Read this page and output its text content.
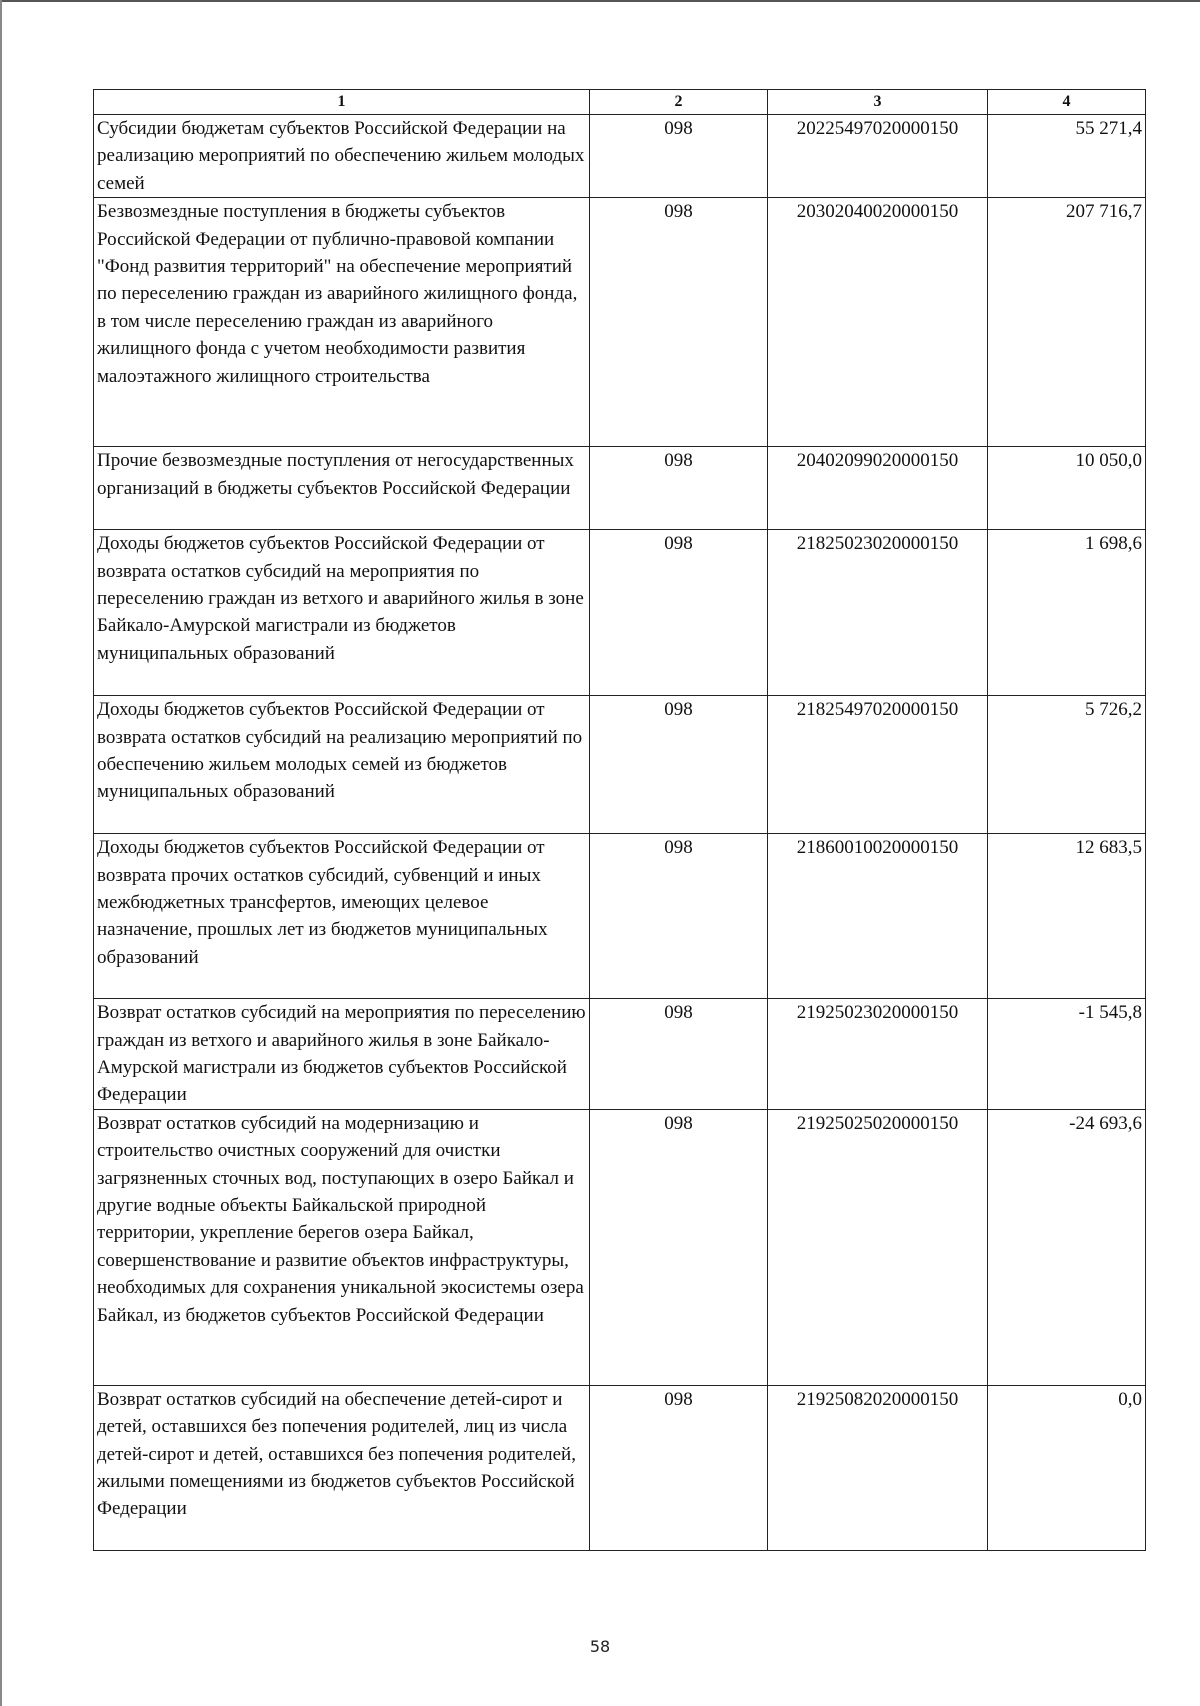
1	2	3	4
Субсидии бюджетам субъектов Российской Федерации на реализацию мероприятий по обеспечению жильем молодых семей	098	20225497020000150	55 271,4
Безвозмездные поступления в бюджеты субъектов Российской Федерации от публично-правовой компании "Фонд развития территорий" на обеспечение мероприятий по переселению граждан из аварийного жилищного фонда, в том числе переселению граждан из аварийного жилищного фонда с учетом необходимости развития малоэтажного жилищного строительства	098	20302040020000150	207 716,7
Прочие безвозмездные поступления от негосударственных организаций в бюджеты субъектов Российской Федерации	098	20402099020000150	10 050,0
Доходы бюджетов субъектов Российской Федерации от возврата остатков субсидий на мероприятия по переселению граждан из ветхого и аварийного жилья в зоне Байкало-Амурской магистрали из бюджетов муниципальных образований	098	21825023020000150	1 698,6
Доходы бюджетов субъектов Российской Федерации от возврата остатков субсидий на реализацию мероприятий по обеспечению жильем молодых семей из бюджетов муниципальных образований	098	21825497020000150	5 726,2
Доходы бюджетов субъектов Российской Федерации от возврата прочих остатков субсидий, субвенций и иных межбюджетных трансфертов, имеющих целевое назначение, прошлых лет из бюджетов муниципальных образований	098	21860010020000150	12 683,5
Возврат остатков субсидий на мероприятия по переселению граждан из ветхого и аварийного жилья в зоне Байкало-Амурской магистрали из бюджетов субъектов Российской Федерации	098	21925023020000150	-1 545,8
Возврат остатков субсидий на модернизацию и строительство очистных сооружений для очистки загрязненных сточных вод, поступающих в озеро Байкал и другие водные объекты Байкальской природной территории, укрепление берегов озера Байкал, совершенствование и развитие объектов инфраструктуры, необходимых для сохранения уникальной экосистемы озера Байкал, из бюджетов субъектов Российской Федерации	098	21925025020000150	-24 693,6
Возврат остатков субсидий на обеспечение детей-сирот и детей, оставшихся без попечения родителей, лиц из числа детей-сирот и детей, оставшихся без попечения родителей, жилыми помещениями из бюджетов субъектов Российской Федерации	098	21925082020000150	0,0
58
